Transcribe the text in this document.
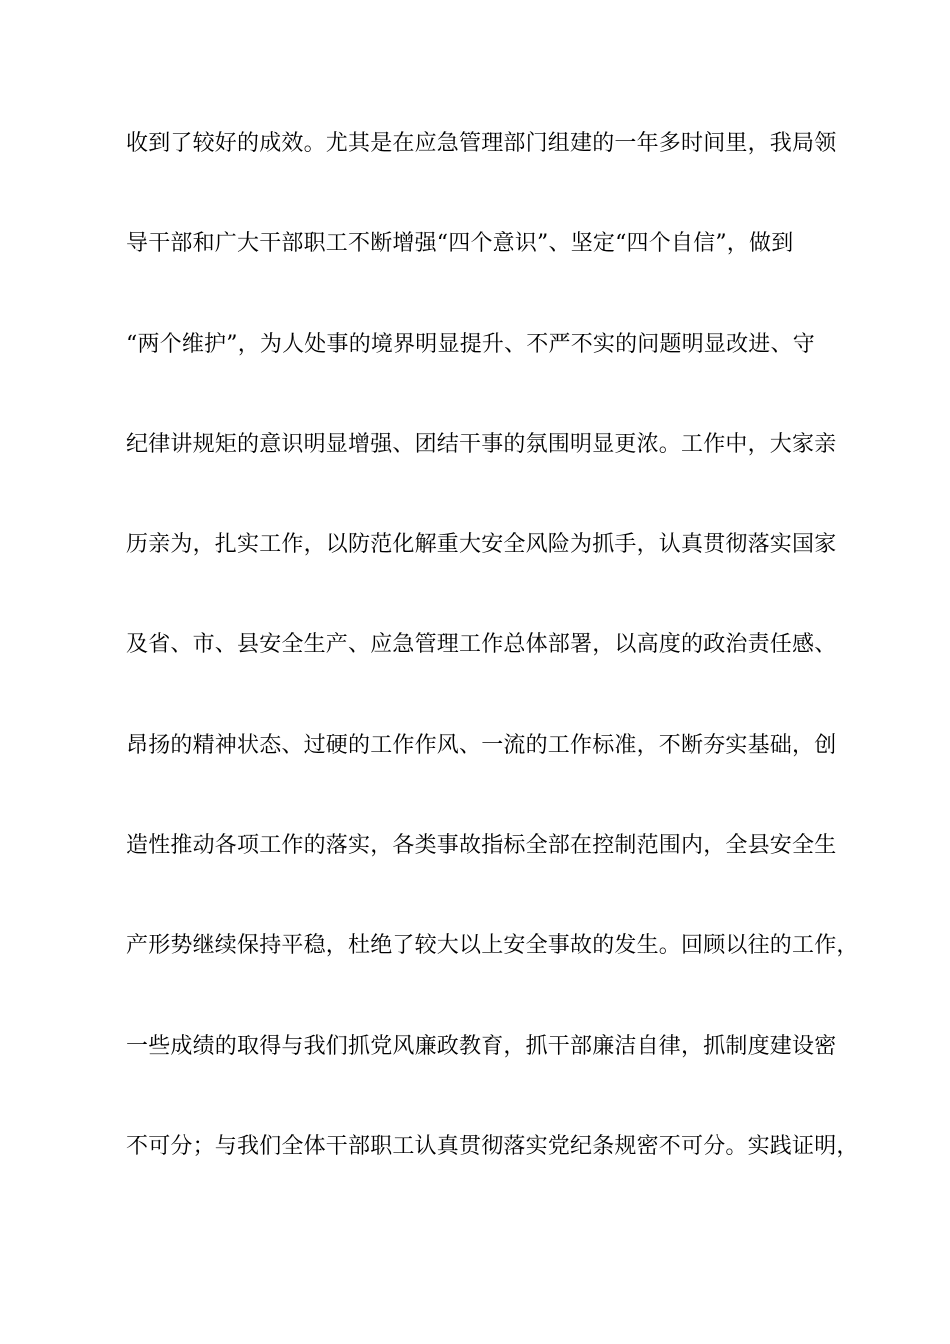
收到了较好的成效。尤其是在应急管理部门组建的一年多时间里，我局领
导干部和广大干部职工不断增强“四个意识”、坚定“四个自信”，做到
“两个维护”，为人处事的境界明显提升、不严不实的问题明显改进、守
纪律讲规矩的意识明显增强、团结干事的氛围明显更浓。工作中，大家亲
历亲为，扎实工作，以防范化解重大安全风险为抓手，认真贯彻落实国家
及省、市、县安全生产、应急管理工作总体部署，以高度的政治责任感、
昂扬的精神状态、过硬的工作作风、一流的工作标准，不断夯实基础，创
造性推动各项工作的落实，各类事故指标全部在控制范围内，全县安全生
产形势继续保持平稳，杜绝了较大以上安全事故的发生。回顾以往的工作，
一些成绩的取得与我们抓党风廉政教育，抓干部廉洁自律，抓制度建设密
不可分；与我们全体干部职工认真贯彻落实党纪条规密不可分。实践证明，
